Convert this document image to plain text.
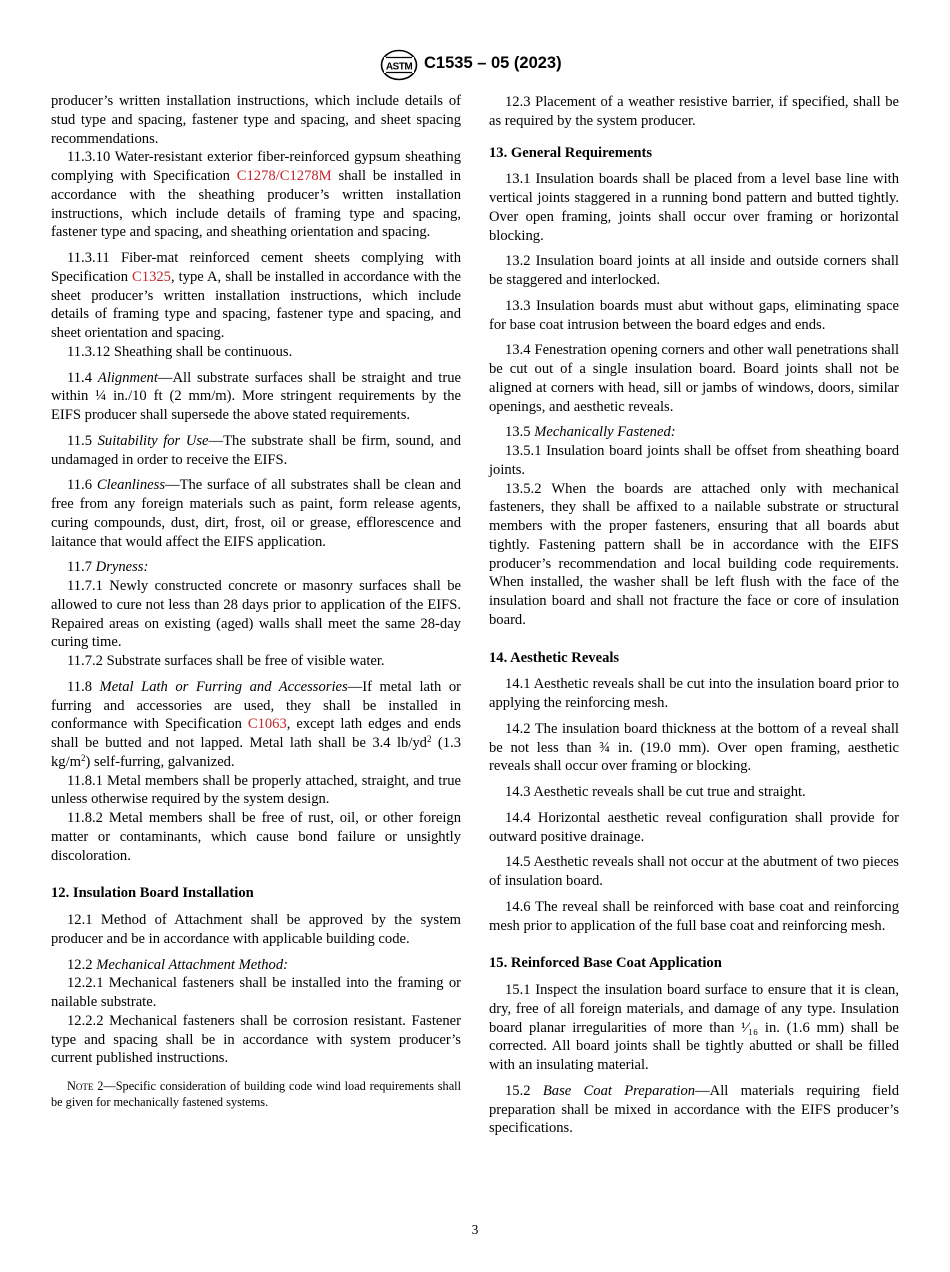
ASTM C1535 – 05 (2023)

producer’s written installation instructions, which include details of stud type and spacing, fastener type and spacing, and sheet spacing recommendations.

11.3.10 Water-resistant exterior fiber-reinforced gypsum sheathing complying with Specification C1278/C1278M shall be installed in accordance with the sheathing producer’s written installation instructions, which include details of framing type and spacing, fastener type and spacing, and sheathing orientation and spacing.

11.3.11 Fiber-mat reinforced cement sheets complying with Specification C1325, type A, shall be installed in accordance with the sheet producer’s written installation instructions, which include details of framing type and spacing, fastener type and spacing, and sheet orientation and spacing.

11.3.12 Sheathing shall be continuous.

11.4 Alignment—All substrate surfaces shall be straight and true within ¼ in./10 ft (2 mm/m). More stringent requirements by the EIFS producer shall supersede the above stated requirements.

11.5 Suitability for Use—The substrate shall be firm, sound, and undamaged in order to receive the EIFS.

11.6 Cleanliness—The surface of all substrates shall be clean and free from any foreign materials such as paint, form release agents, curing compounds, dust, dirt, frost, oil or grease, efflorescence and laitance that would affect the EIFS application.

11.7 Dryness:

11.7.1 Newly constructed concrete or masonry surfaces shall be allowed to cure not less than 28 days prior to application of the EIFS. Repaired areas on existing (aged) walls shall meet the same 28-day curing time.

11.7.2 Substrate surfaces shall be free of visible water.

11.8 Metal Lath or Furring and Accessories—If metal lath or furring and accessories are used, they shall be installed in conformance with Specification C1063, except lath edges and ends shall be butted and not lapped. Metal lath shall be 3.4 $lb/yd^2$ (1.3 $kg/m^2$) self-furring, galvanized.

11.8.1 Metal members shall be properly attached, straight, and true unless otherwise required by the system design.

11.8.2 Metal members shall be free of rust, oil, or other foreign matter or contaminants, which cause bond failure or unsightly discoloration.

12. Insulation Board Installation

12.1 Method of Attachment shall be approved by the system producer and be in accordance with applicable building code.

12.2 Mechanical Attachment Method:

12.2.1 Mechanical fasteners shall be installed into the framing or nailable substrate.

12.2.2 Mechanical fasteners shall be corrosion resistant. Fastener type and spacing shall be in accordance with system producer’s current published instructions.

Note 2—Specific consideration of building code wind load requirements shall be given for mechanically fastened systems.

12.3 Placement of a weather resistive barrier, if specified, shall be as required by the system producer.

13. General Requirements

13.1 Insulation boards shall be placed from a level base line with vertical joints staggered in a running bond pattern and butted tightly. Over open framing, joints shall occur over framing or horizontal blocking.

13.2 Insulation board joints at all inside and outside corners shall be staggered and interlocked.

13.3 Insulation boards must abut without gaps, eliminating space for base coat intrusion between the board edges and ends.

13.4 Fenestration opening corners and other wall penetrations shall be cut out of a single insulation board. Board joints shall not be aligned at corners with head, sill or jambs of windows, doors, similar openings, and aesthetic reveals.

13.5 Mechanically Fastened:

13.5.1 Insulation board joints shall be offset from sheathing board joints.

13.5.2 When the boards are attached only with mechanical fasteners, they shall be affixed to a nailable substrate or structural members with the proper fasteners, ensuring that all boards abut tightly. Fastening pattern shall be in accordance with the EIFS producer’s recommendation and local building code requirements. When installed, the washer shall be left flush with the face of the insulation board and shall not fracture the face or core of insulation board.

14. Aesthetic Reveals

14.1 Aesthetic reveals shall be cut into the insulation board prior to applying the reinforcing mesh.

14.2 The insulation board thickness at the bottom of a reveal shall be not less than ¾ in. (19.0 mm). Over open framing, aesthetic reveals shall occur over framing or blocking.

14.3 Aesthetic reveals shall be cut true and straight.

14.4 Horizontal aesthetic reveal configuration shall provide for outward positive drainage.

14.5 Aesthetic reveals shall not occur at the abutment of two pieces of insulation board.

14.6 The reveal shall be reinforced with base coat and reinforcing mesh prior to application of the full base coat and reinforcing mesh.

15. Reinforced Base Coat Application

15.1 Inspect the insulation board surface to ensure that it is clean, dry, free of all foreign materials, and damage of any type. Insulation board planar irregularities of more than ¹⁄₁₆ in. (1.6 mm) shall be corrected. All board joints shall be tightly abutted or shall be filled with an insulating material.

15.2 Base Coat Preparation—All materials requiring field preparation shall be mixed in accordance with the EIFS producer’s specifications.

3
